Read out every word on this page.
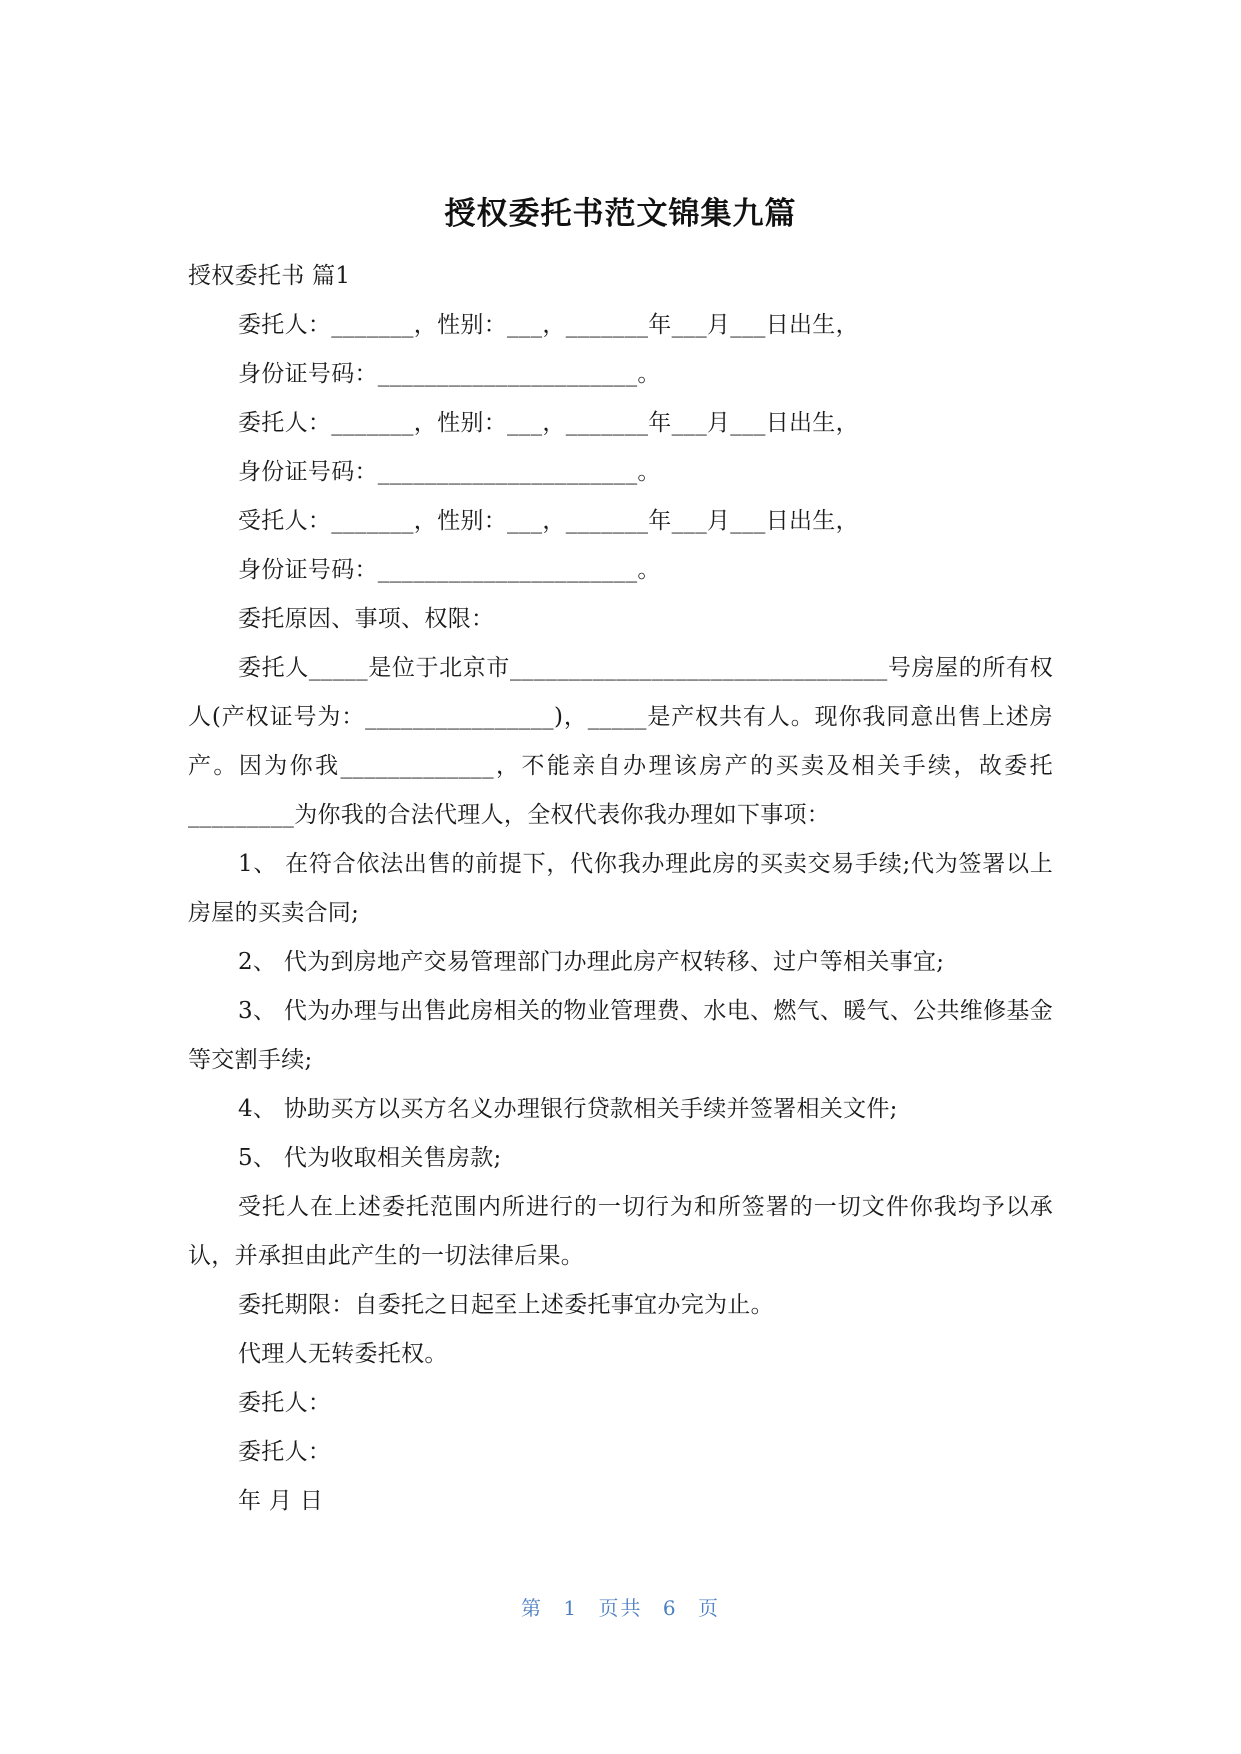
授权委托书范文锦集九篇
授权委托书 篇1
委托人：_______，性别：___，_______年___月___日出生，
身份证号码：______________________。
委托人：_______，性别：___，_______年___月___日出生，
身份证号码：______________________。
受托人：_______，性别：___，_______年___月___日出生，
身份证号码：______________________。
委托原因、事项、权限：
委托人_____是位于北京市________________________________号房屋的所有权人(产权证号为：________________)，_____是产权共有人。现你我同意出售上述房产。因为你我_____________，不能亲自办理该房产的买卖及相关手续，故委托_________为你我的合法代理人，全权代表你我办理如下事项：
1、 在符合依法出售的前提下，代你我办理此房的买卖交易手续;代为签署以上房屋的买卖合同;
2、 代为到房地产交易管理部门办理此房产权转移、过户等相关事宜;
3、 代为办理与出售此房相关的物业管理费、水电、燃气、暖气、公共维修基金等交割手续;
4、 协助买方以买方名义办理银行贷款相关手续并签署相关文件;
5、 代为收取相关售房款;
受托人在上述委托范围内所进行的一切行为和所签署的一切文件你我均予以承认，并承担由此产生的一切法律后果。
委托期限：自委托之日起至上述委托事宜办完为止。
代理人无转委托权。
委托人：
委托人：
年 月 日
第 1 页共 6 页
